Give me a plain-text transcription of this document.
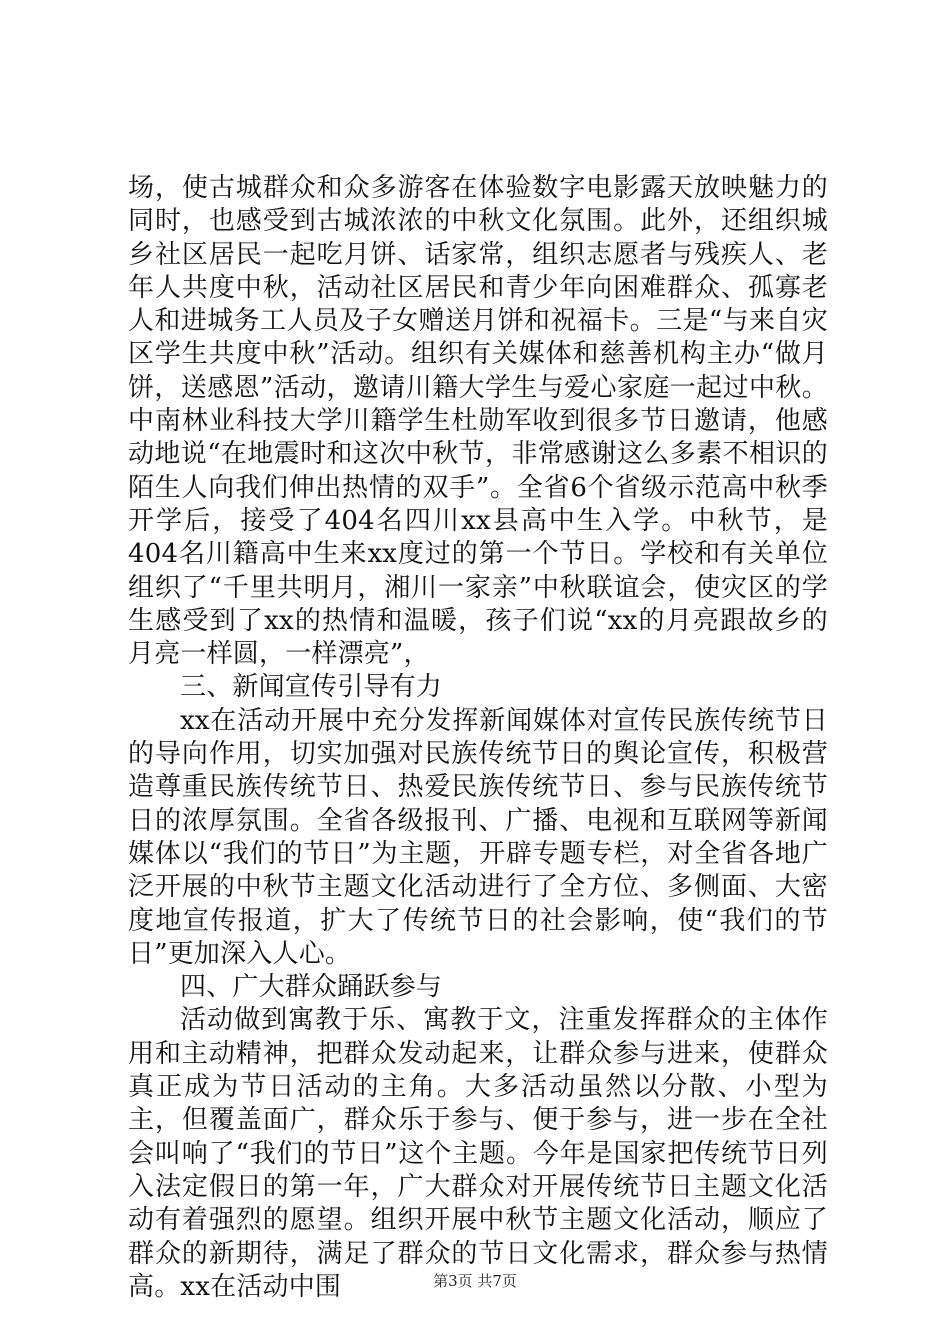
场，使古城群众和众多游客在体验数字电影露天放映魅力的同时，也感受到古城浓浓的中秋文化氛围。此外，还组织城乡社区居民一起吃月饼、话家常，组织志愿者与残疾人、老年人共度中秋，活动社区居民和青少年向困难群众、孤寡老人和进城务工人员及子女赠送月饼和祝福卡。三是“与来自灾区学生共度中秋”活动。组织有关媒体和慈善机构主办“做月饼，送感恩”活动，邀请川籍大学生与爱心家庭一起过中秋。中南林业科技大学川籍学生杜勋军收到很多节日邀请，他感动地说“在地震时和这次中秋节，非常感谢这么多素不相识的陌生人向我们伸出热情的双手”。全省6个省级示范高中秋季开学后，接受了404名四川xx县高中生入学。中秋节，是404名川籍高中生来xx度过的第一个节日。学校和有关单位组织了“千里共明月，湘川一家亲”中秋联谊会，使灾区的学生感受到了xx的热情和温暖，孩子们说“xx的月亮跟故乡的月亮一样圆，一样漂亮”，

三、新闻宣传引导有力

xx在活动开展中充分发挥新闻媒体对宣传民族传统节日的导向作用，切实加强对民族传统节日的舆论宣传，积极营造尊重民族传统节日、热爱民族传统节日、参与民族传统节日的浓厚氛围。全省各级报刊、广播、电视和互联网等新闻媒体以“我们的节日”为主题，开辟专题专栏，对全省各地广泛开展的中秋节主题文化活动进行了全方位、多侧面、大密度地宣传报道，扩大了传统节日的社会影响，使“我们的节日”更加深入人心。

四、广大群众踊跃参与

活动做到寓教于乐、寓教于文，注重发挥群众的主体作用和主动精神，把群众发动起来，让群众参与进来，使群众真正成为节日活动的主角。大多活动虽然以分散、小型为主，但覆盖面广，群众乐于参与、便于参与，进一步在全社会叫响了“我们的节日”这个主题。今年是国家把传统节日列入法定假日的第一年，广大群众对开展传统节日主题文化活动有着强烈的愿望。组织开展中秋节主题文化活动，顺应了群众的新期待，满足了群众的节日文化需求，群众参与热情高。xx在活动中围	第3页 共7页
